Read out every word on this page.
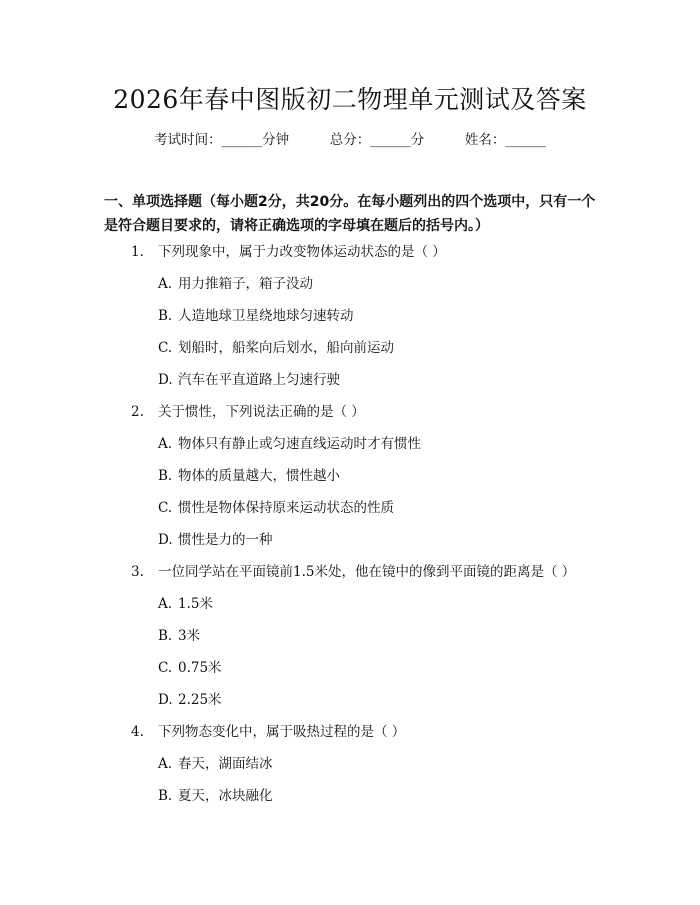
2026年春中图版初二物理单元测试及答案
考试时间：______分钟	总分：______分	姓名：______
一、单项选择题（每小题2分，共20分。在每小题列出的四个选项中，只有一个
是符合题目要求的，请将正确选项的字母填在题后的括号内。）
1. 下列现象中，属于力改变物体运动状态的是（ ）
A. 用力推箱子，箱子没动
B. 人造地球卫星绕地球匀速转动
C. 划船时，船桨向后划水，船向前运动
D. 汽车在平直道路上匀速行驶
2. 关于惯性，下列说法正确的是（ ）
A. 物体只有静止或匀速直线运动时才有惯性
B. 物体的质量越大，惯性越小
C. 惯性是物体保持原来运动状态的性质
D. 惯性是力的一种
3. 一位同学站在平面镜前1.5米处，他在镜中的像到平面镜的距离是（ ）
A. 1.5米
B. 3米
C. 0.75米
D. 2.25米
4. 下列物态变化中，属于吸热过程的是（ ）
A. 春天，湖面结冰
B. 夏天，冰块融化
